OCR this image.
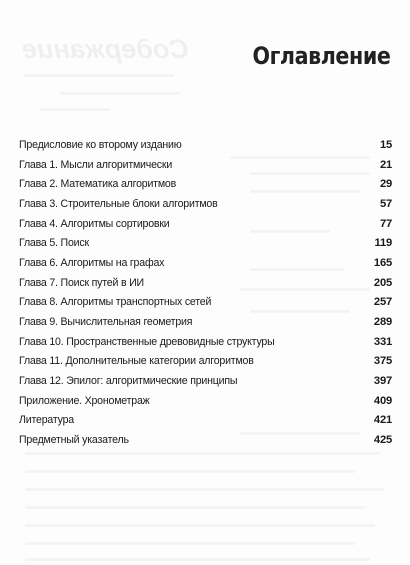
Содержание	Оглавление
Предисловие ко второму изданию	15
Глава 1. Мысли алгоритмически	21
Глава 2. Математика алгоритмов	29
Глава 3. Строительные блоки алгоритмов	57
Глава 4. Алгоритмы сортировки	77
Глава 5. Поиск	119
Глава 6. Алгоритмы на графах	165
Глава 7. Поиск путей в ИИ	205
Глава 8. Алгоритмы транспортных сетей	257
Глава 9. Вычислительная геометрия	289
Глава 10. Пространственные древовидные структуры	331
Глава 11. Дополнительные категории алгоритмов	375
Глава 12. Эпилог: алгоритмические принципы	397
Приложение. Хронометраж	409
Литература	421
Предметный указатель	425
